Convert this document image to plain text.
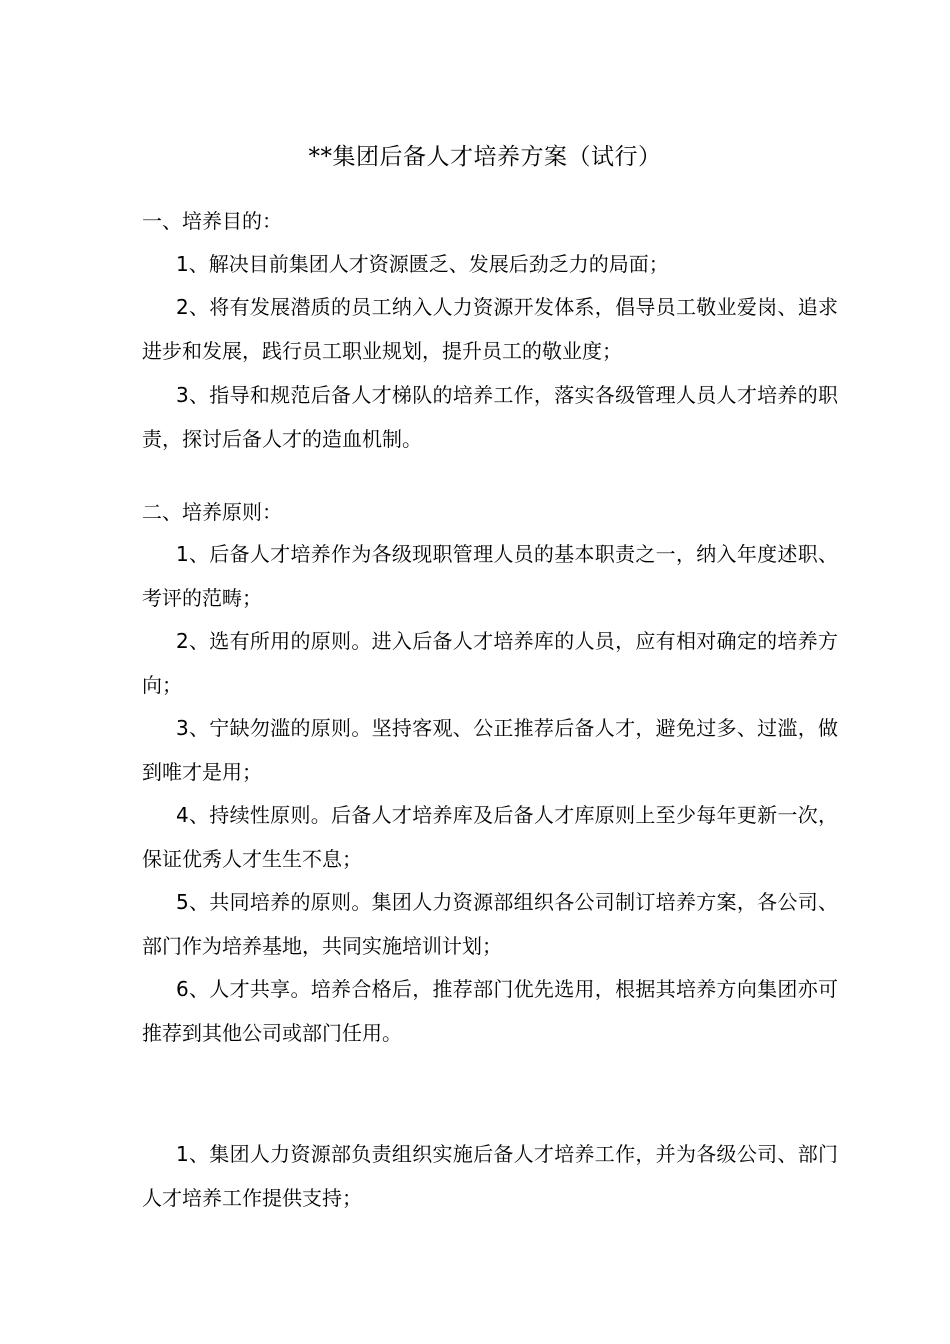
**集团后备人才培养方案（试行）
一、培养目的：
1、解决目前集团人才资源匮乏、发展后劲乏力的局面；
2、将有发展潜质的员工纳入人力资源开发体系，倡导员工敬业爱岗、追求进步和发展，践行员工职业规划，提升员工的敬业度；
3、指导和规范后备人才梯队的培养工作，落实各级管理人员人才培养的职责，探讨后备人才的造血机制。
二、培养原则：
1、后备人才培养作为各级现职管理人员的基本职责之一，纳入年度述职、考评的范畴；
2、选有所用的原则。进入后备人才培养库的人员，应有相对确定的培养方向；
3、宁缺勿滥的原则。坚持客观、公正推荐后备人才，避免过多、过滥，做到唯才是用；
4、持续性原则。后备人才培养库及后备人才库原则上至少每年更新一次，保证优秀人才生生不息；
5、共同培养的原则。集团人力资源部组织各公司制订培养方案，各公司、部门作为培养基地，共同实施培训计划；
6、人才共享。培养合格后，推荐部门优先选用，根据其培养方向集团亦可推荐到其他公司或部门任用。
1、集团人力资源部负责组织实施后备人才培养工作，并为各级公司、部门人才培养工作提供支持；
